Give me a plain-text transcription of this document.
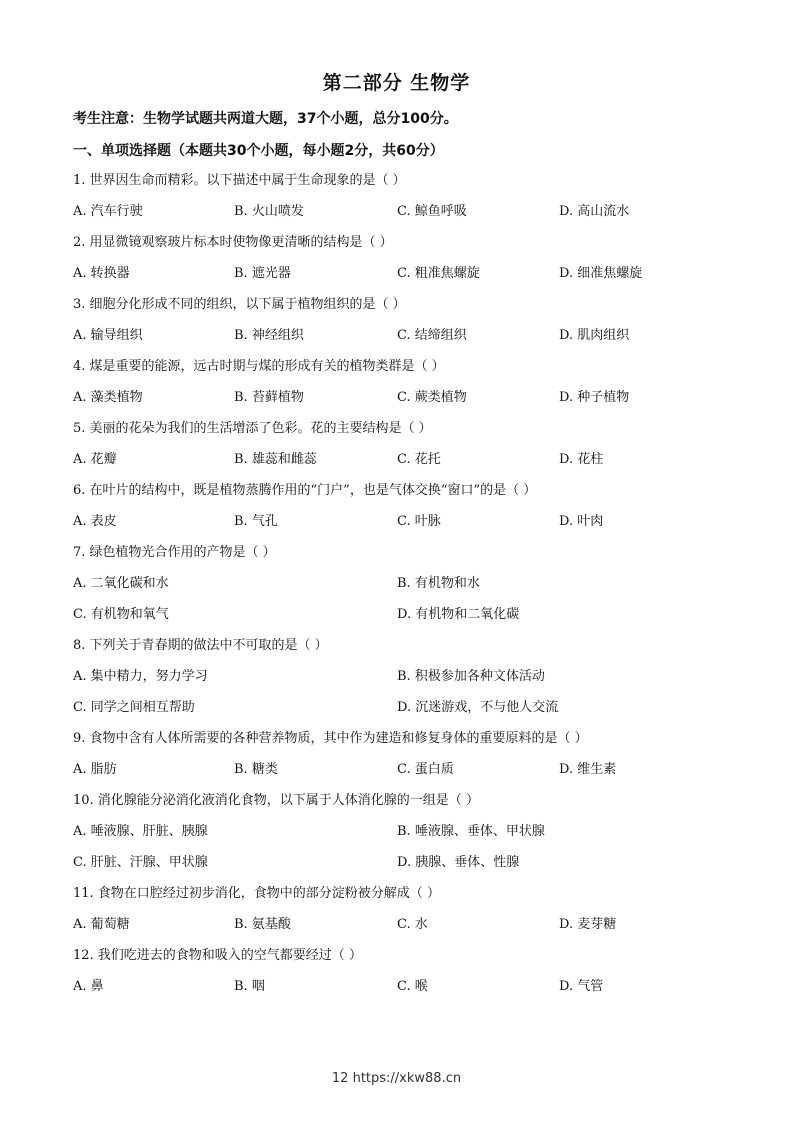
第二部分 生物学
考生注意：生物学试题共两道大题，37个小题，总分100分。
一、单项选择题（本题共30个小题，每小题2分，共60分）
1. 世界因生命而精彩。以下描述中属于生命现象的是（ ）
A. 汽车行驶	B. 火山喷发	C. 鲸鱼呼吸	D. 高山流水
2. 用显微镜观察玻片标本时使物像更清晰的结构是（ ）
A. 转换器	B. 遮光器	C. 粗准焦螺旋	D. 细准焦螺旋
3. 细胞分化形成不同的组织，以下属于植物组织的是（ ）
A. 输导组织	B. 神经组织	C. 结缔组织	D. 肌肉组织
4. 煤是重要的能源，远古时期与煤的形成有关的植物类群是（ ）
A. 藻类植物	B. 苔藓植物	C. 蕨类植物	D. 种子植物
5. 美丽的花朵为我们的生活增添了色彩。花的主要结构是（ ）
A. 花瓣	B. 雄蕊和雌蕊	C. 花托	D. 花柱
6. 在叶片的结构中，既是植物蒸腾作用的“门户”，也是气体交换“窗口”的是（ ）
A. 表皮	B. 气孔	C. 叶脉	D. 叶肉
7. 绿色植物光合作用的产物是（ ）
A. 二氧化碳和水	B. 有机物和水
C. 有机物和氧气	D. 有机物和二氧化碳
8. 下列关于青春期的做法中不可取的是（ ）
A. 集中精力，努力学习	B. 积极参加各种文体活动
C. 同学之间相互帮助	D. 沉迷游戏，不与他人交流
9. 食物中含有人体所需要的各种营养物质，其中作为建造和修复身体的重要原料的是（ ）
A. 脂肪	B. 糖类	C. 蛋白质	D. 维生素
10. 消化腺能分泌消化液消化食物，以下属于人体消化腺的一组是（ ）
A. 唾液腺、肝脏、胰腺	B. 唾液腺、垂体、甲状腺
C. 肝脏、汗腺、甲状腺	D. 胰腺、垂体、性腺
11. 食物在口腔经过初步消化，食物中的部分淀粉被分解成（ ）
A. 葡萄糖	B. 氨基酸	C. 水	D. 麦芽糖
12. 我们吃进去的食物和吸入的空气都要经过（ ）
A. 鼻	B. 咽	C. 喉	D. 气管
12 https://xkw88.cn
